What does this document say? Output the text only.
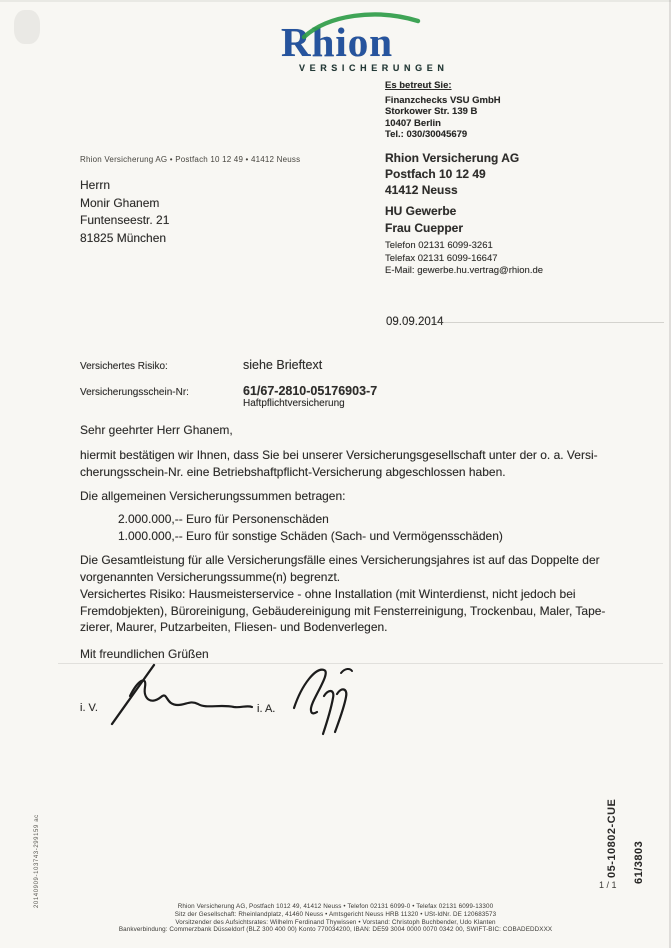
Rhion
VERSICHERUNGEN
Es betreut Sie:
Finanzchecks VSU GmbH
Storkower Str. 139 B
10407 Berlin
Tel.: 030/30045679
Rhion Versicherung AG • Postfach 10 12 49 • 41412 Neuss
Herrn
Monir Ghanem
Funtenseestr. 21
81825 München
Rhion Versicherung AG
Postfach 10 12 49
41412 Neuss
HU Gewerbe
Frau Cuepper
Telefon 02131 6099-3261
Telefax 02131 6099-16647
E-Mail: gewerbe.hu.vertrag@rhion.de
09.09.2014
Versichertes Risiko:	siehe Brieftext
Versicherungsschein-Nr:	61/67-2810-05176903-7
Haftpflichtversicherung
Sehr geehrter Herr Ghanem,
hiermit bestätigen wir Ihnen, dass Sie bei unserer Versicherungsgesellschaft unter der o. a. Versi-
cherungsschein-Nr. eine Betriebshaftpflicht-Versicherung abgeschlossen haben.
Die allgemeinen Versicherungssummen betragen:
2.000.000,-- Euro für Personenschäden
1.000.000,-- Euro für sonstige Schäden (Sach- und Vermögensschäden)
Die Gesamtleistung für alle Versicherungsfälle eines Versicherungsjahres ist auf das Doppelte der
vorgenannten Versicherungssumme(n) begrenzt.
Versichertes Risiko: Hausmeisterservice - ohne Installation (mit Winterdienst, nicht jedoch bei
Fremdobjekten), Büroreinigung, Gebäudereinigung mit Fensterreinigung, Trockenbau, Maler, Tape-
zierer, Maurer, Putzarbeiten, Fliesen- und Bodenverlegen.
Mit freundlichen Grüßen
i. V.	i. A.
20140909-103743-299159 ac	05-10802-CUE 61/3803
1 / 1
Rhion Versicherung AG, Postfach 1012 49, 41412 Neuss • Telefon 02131 6099-0 • Telefax 02131 6099-13300
Sitz der Gesellschaft: Rheinlandplatz, 41460 Neuss • Amtsgericht Neuss HRB 11320 • USt-IdNr. DE 120683573
Vorsitzender des Aufsichtsrates: Wilhelm Ferdinand Thywissen • Vorstand: Christoph Buchbender, Udo Klanten
Bankverbindung: Commerzbank Düsseldorf (BLZ 300 400 00) Konto 770034200, IBAN: DE59 3004 0000 0070 0342 00, SWIFT-BIC: COBADEDDXXX
